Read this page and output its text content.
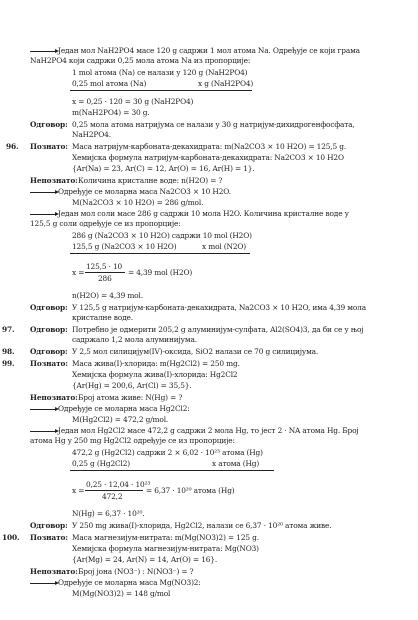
Један мол NaH2PO4 масе 120 g садржи 1 мол атома Na. Одређује се који грама
NaH2PO4 који садржи 0,25 мола атома Na из пропорције:
1 mol атома (Na) се налази у 120 g (NaH2PO4)
0,25 mol атома (Na)	x g (NaH2PO4)
x = 0,25 · 120 = 30 g (NaH2PO4)
m(NaH2PO4) = 30 g.
Одговор: 0,25 мола атома натријума се налази у 30 g натријум-дихидрогенфосфата,
NaH2PO4.
96. Познато: Маса натријум-карбоната-декахидрата: m(Na2CO3 × 10 H2O) = 125,5 g.
Хемијска формула натријум-карбоната-декахидрата: Na2CO3 × 10 H2O
{Ar(Na) = 23, Ar(C) = 12, Ar(O) = 16, Ar(H) = 1}.
Непознато: Количина кристалне воде: n(H2O) = ?
Одређује се моларна маса Na2CO3 × 10 H2O.
M(Na2CO3 × 10 H2O) = 286 g/mol.
Један мол соли масе 286 g садржи 10 мола H2O. Количина кристалне воде у
125,5 g соли одређује се из пропорције:
286 g (Na2CO3 × 10 H2O) садржи 10 mol (H2O)
125,5 g (Na2CO3 × 10 H2O)	x mol (N2O)
x =
125,5 · 10
286
= 4,39 mol (H2O)
n(H2O) = 4,39 mol.
Одговор: У 125,5 g натријум-карбоната-декахидрата, Na2CO3 × 10 H2O, има 4,39 мола
кристалне воде.
97. Одговор: Потребно је одмерити 205,2 g алуминијум-сулфата, Al2(SO4)3, да би се у њој
садржало 1,2 мола алуминијума.
98. Одговор: У 2,5 мол силицијум(IV)-оксида, SiO2 налази се 70 g силицијума.
99. Познато: Маса жива(I)-хлорида: m(Hg2Cl2) = 250 mg.
Хемијска формула жива(I)-хлорида: Hg2Cl2
{Ar(Hg) = 200,6, Ar(Cl) = 35,5}.
Непознато: Број атома живе: N(Hg) = ?
Одређује се моларна маса Hg2Cl2:
M(Hg2Cl2) = 472,2 g/mol.
Један мол Hg2Cl2 масе 472,2 g садржи 2 мола Hg, то јест 2 · NA атома Hg. Број
атома Hg у 250 mg Hg2Cl2 одређује се из пропорције:
472,2 g (Hg2Cl2) садржи 2 × 6,02 · 10²³ атома (Hg)
0,25 g (Hg2Cl2)	x атома (Hg)
x =
0,25 · 12,04 · 10²³
472,2
= 6,37 · 10²⁰ атома (Hg)
N(Hg) = 6,37 · 10²⁰.
Одговор: У 250 mg жива(I)-хлорида, Hg2Cl2, налази се 6,37 · 10²⁰ атома живе.
100. Познато: Маса магнезијум-нитрата: m(Mg(NO3)2) = 125 g.
Хемијска формула магнезијум-нитрата: Mg(NO3)
{Ar(Mg) = 24, Ar(N) = 14, Ar(O) = 16}.
Непознато: Број јона (NO3⁻) : N(NO3⁻) = ?
Одређује се моларна маса Mg(NO3)2:
M(Mg(NO3)2) = 148 g/mol
